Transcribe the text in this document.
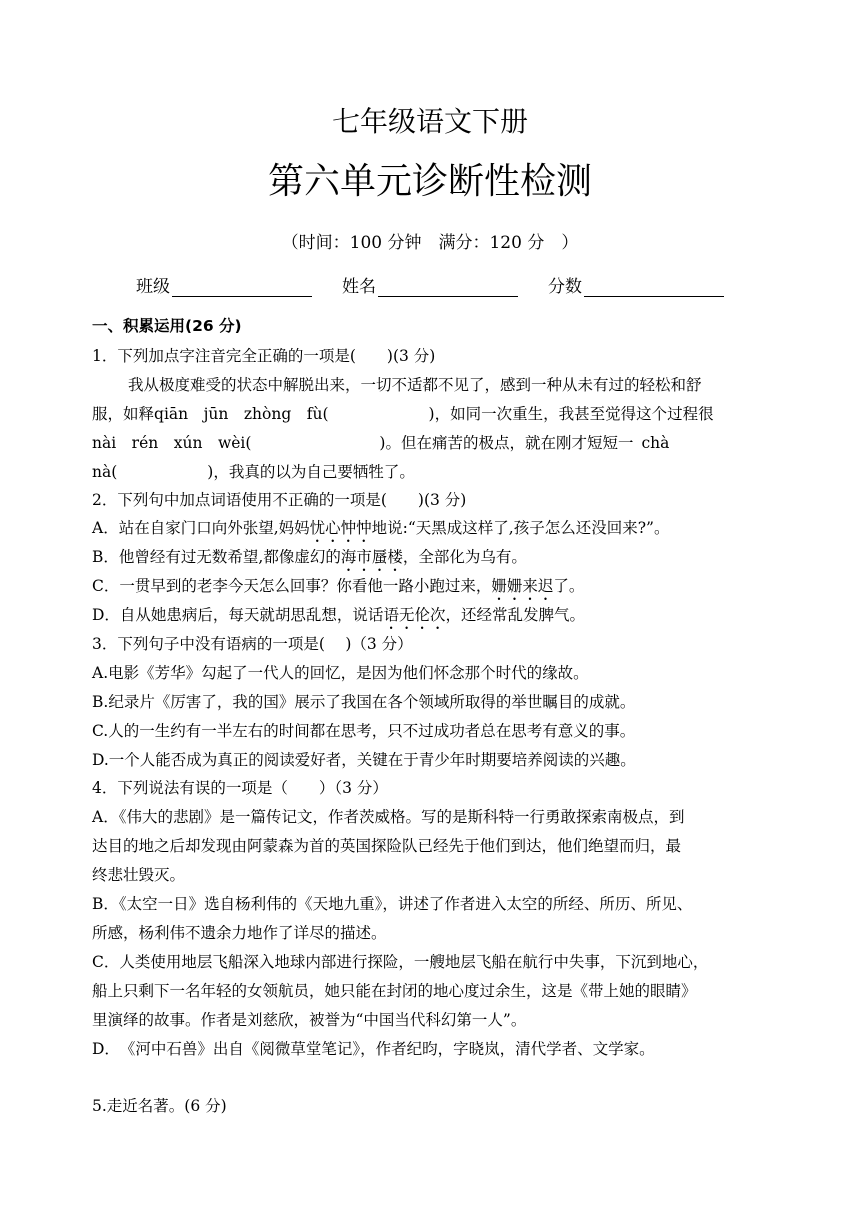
七年级语文下册
第六单元诊断性检测
（时间：100 分钟　满分：120 分　）
班级	姓名	分数
一、积累运用(26 分)
1．下列加点字注音完全正确的一项是(　　)(3 分)
我从极度难受的状态中解脱出来，一切不适都不见了，感到一种从未有过的轻松和舒
服，如释qiān　jūn　zhòng　fù(	)，如同一次重生，我甚至觉得这个过程很
nài　rén　xún　wèi(	)。但在痛苦的极点，就在刚才短短一 chà
nà(	)，我真的以为自己要牺牲了。
2．下列句中加点词语使用不正确的一项是(　　)(3 分)
A．站在自家门口向外张望,妈妈忧心忡忡地说:“天黑成这样了,孩子怎么还没回来?”。
B．他曾经有过无数希望,都像虚幻的海市蜃楼，全部化为乌有。
C．一贯早到的老李今天怎么回事？你看他一路小跑过来，姗姗来迟了。
D．自从她患病后，每天就胡思乱想，说话语无伦次，还经常乱发脾气。
3．下列句子中没有语病的一项是(　 )（3 分）
A.电影《芳华》勾起了一代人的回忆，是因为他们怀念那个时代的缘故。
B.纪录片《厉害了，我的国》展示了我国在各个领域所取得的举世瞩目的成就。
C.人的一生约有一半左右的时间都在思考，只不过成功者总在思考有意义的事。
D.一个人能否成为真正的阅读爱好者，关键在于青少年时期要培养阅读的兴趣。
4．下列说法有误的一项是（　　）（3 分）
A．《伟大的悲剧》是一篇传记文，作者茨威格。写的是斯科特一行勇敢探索南极点，到
达目的地之后却发现由阿蒙森为首的英国探险队已经先于他们到达，他们绝望而归，最
终悲壮毁灭。
B．《太空一日》选自杨利伟的《天地九重》，讲述了作者进入太空的所经、所历、所见、
所感，杨利伟不遗余力地作了详尽的描述。
C．人类使用地层飞船深入地球内部进行探险，一艘地层飞船在航行中失事，下沉到地心，
船上只剩下一名年轻的女领航员，她只能在封闭的地心度过余生，这是《带上她的眼睛》
里演绎的故事。作者是刘慈欣，被誉为“中国当代科幻第一人”。
D．　《河中石兽》出自《阅微草堂笔记》，作者纪昀，字晓岚，清代学者、文学家。
5.走近名著。(6 分)
